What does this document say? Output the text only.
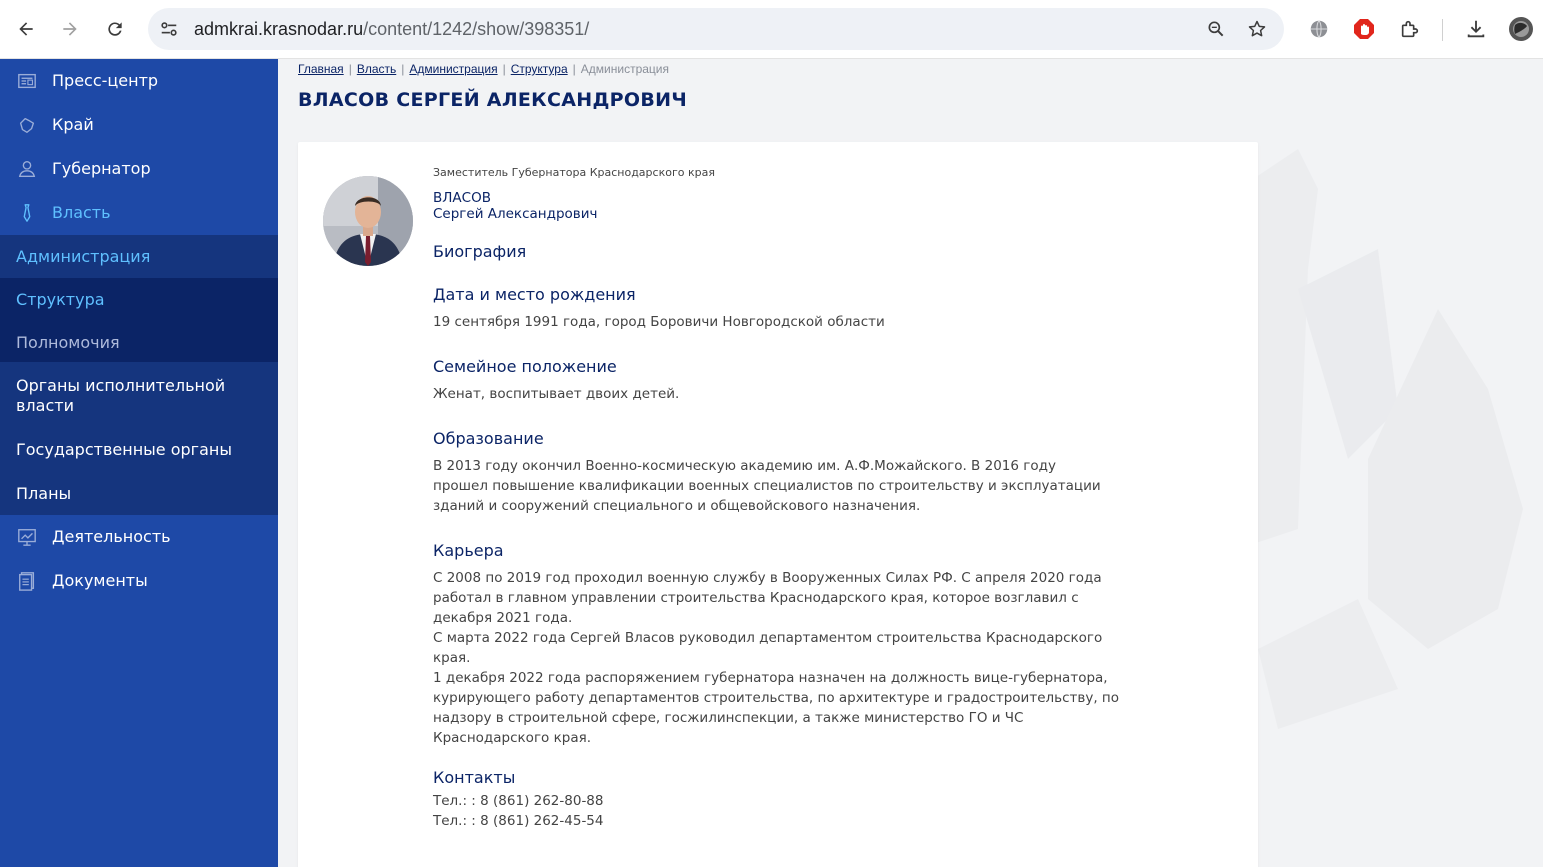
admkrai.krasnodar.ru/content/1242/show/398351/
Пресс-центр
Край
Губернатор
Власть
Администрация
Структура
Полномочия
Органы исполнительной власти
Государственные органы
Планы
Деятельность
Документы
Главная | Власть | Администрация | Структура | Администрация
ВЛАСОВ СЕРГЕЙ АЛЕКСАНДРОВИЧ
Заместитель Губернатора Краснодарского края
ВЛАСОВ
Сергей Александрович
Биография
Дата и место рождения
19 сентября 1991 года, город Боровичи Новгородской области
Семейное положение
Женат, воспитывает двоих детей.
Образование
В 2013 году окончил Военно-космическую академию им. А.Ф.Можайского. В 2016 году прошел повышение квалификации военных специалистов по строительству и эксплуатации зданий и сооружений специального и общевойскового назначения.
Карьера
С 2008 по 2019 год проходил военную службу в Вооруженных Силах РФ. С апреля 2020 года работал в главном управлении строительства Краснодарского края, которое возглавил с декабря 2021 года.
С марта 2022 года Сергей Власов руководил департаментом строительства Краснодарского края.
1 декабря 2022 года распоряжением губернатора назначен на должность вице-губернатора, курирующего работу департаментов строительства, по архитектуре и градостроительству, по надзору в строительной сфере, госжилинспекции, а также министерство ГО и ЧС Краснодарского края.
Контакты
Тел.: : 8 (861) 262-80-88
Тел.: : 8 (861) 262-45-54
